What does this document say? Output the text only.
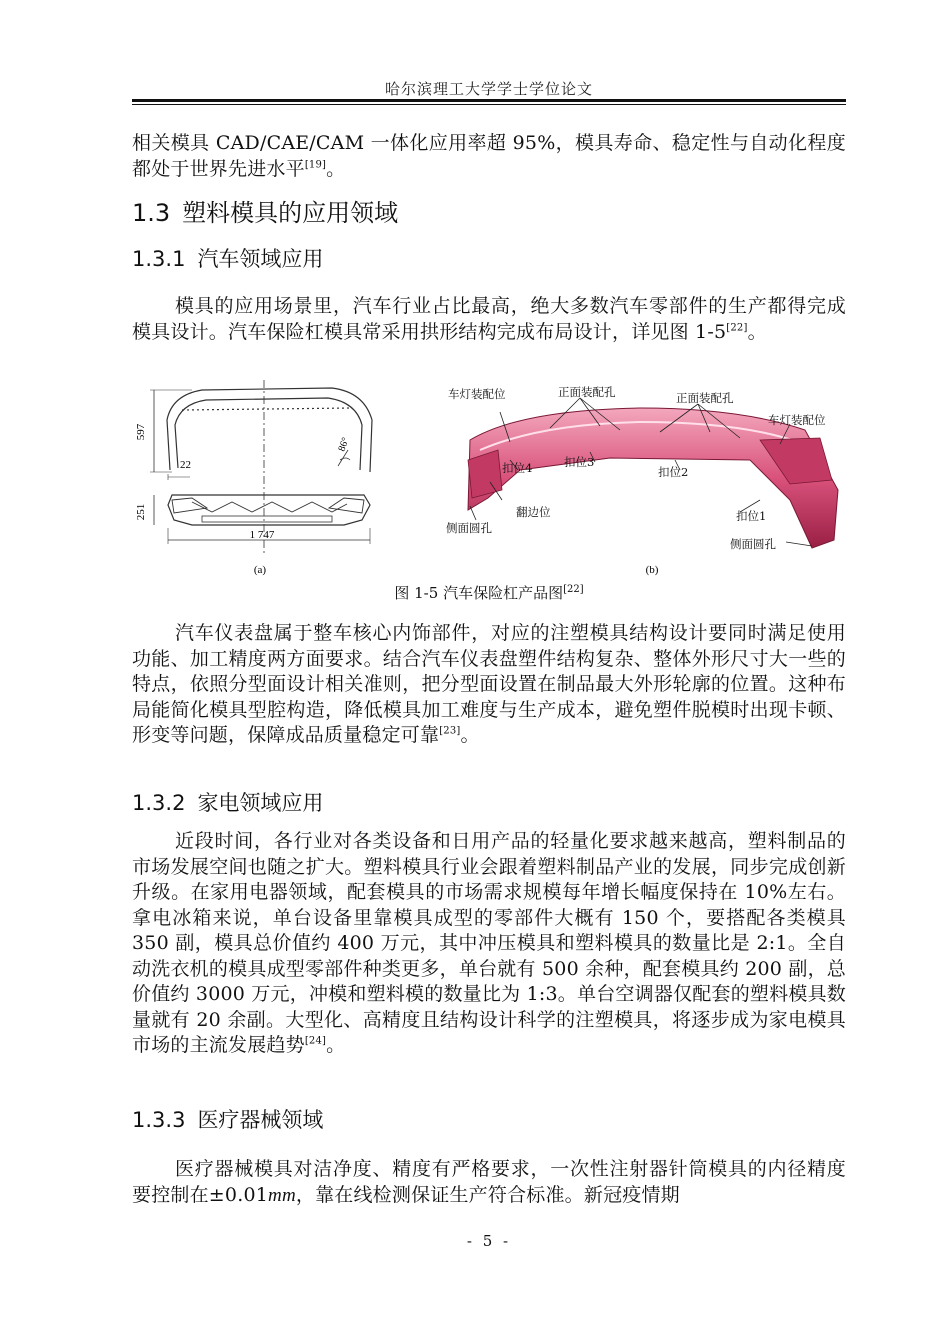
哈尔滨理工大学学士学位论文
相关模具 CAD/CAE/CAM 一体化应用率超 95%，模具寿命、稳定性与自动化程度都处于世界先进水平[19]。
1.3 塑料模具的应用领域
1.3.1 汽车领域应用
模具的应用场景里，汽车行业占比最高，绝大多数汽车零部件的生产都得完成模具设计。汽车保险杠模具常采用拱形结构完成布局设计，详见图 1-5[22]。
597
22
86°
251
1 747
(a)
车灯装配位	正面装配孔	正面装配孔
车灯装配位
扣位4	扣位3
扣位2
翻边位
侧面圆孔
扣位1
侧面圆孔
(b)
图 1-5 汽车保险杠产品图[22]
汽车仪表盘属于整车核心内饰部件，对应的注塑模具结构设计要同时满足使用功能、加工精度两方面要求。结合汽车仪表盘塑件结构复杂、整体外形尺寸大一些的特点，依照分型面设计相关准则，把分型面设置在制品最大外形轮廓的位置。这种布局能简化模具型腔构造，降低模具加工难度与生产成本，避免塑件脱模时出现卡顿、形变等问题，保障成品质量稳定可靠[23]。
1.3.2 家电领域应用
近段时间，各行业对各类设备和日用产品的轻量化要求越来越高，塑料制品的市场发展空间也随之扩大。塑料模具行业会跟着塑料制品产业的发展，同步完成创新升级。在家用电器领域，配套模具的市场需求规模每年增长幅度保持在 10%左右。拿电冰箱来说，单台设备里靠模具成型的零部件大概有 150 个，要搭配各类模具 350 副，模具总价值约 400 万元，其中冲压模具和塑料模具的数量比是 2:1。全自动洗衣机的模具成型零部件种类更多，单台就有 500 余种，配套模具约 200 副，总价值约 3000 万元，冲模和塑料模的数量比为 1:3。单台空调器仅配套的塑料模具数量就有 20 余副。大型化、高精度且结构设计科学的注塑模具，将逐步成为家电模具市场的主流发展趋势[24]。
1.3.3 医疗器械领域
医疗器械模具对洁净度、精度有严格要求，一次性注射器针筒模具的内径精度要控制在±0.01mm，靠在线检测保证生产符合标准。新冠疫情期
- 5 -
